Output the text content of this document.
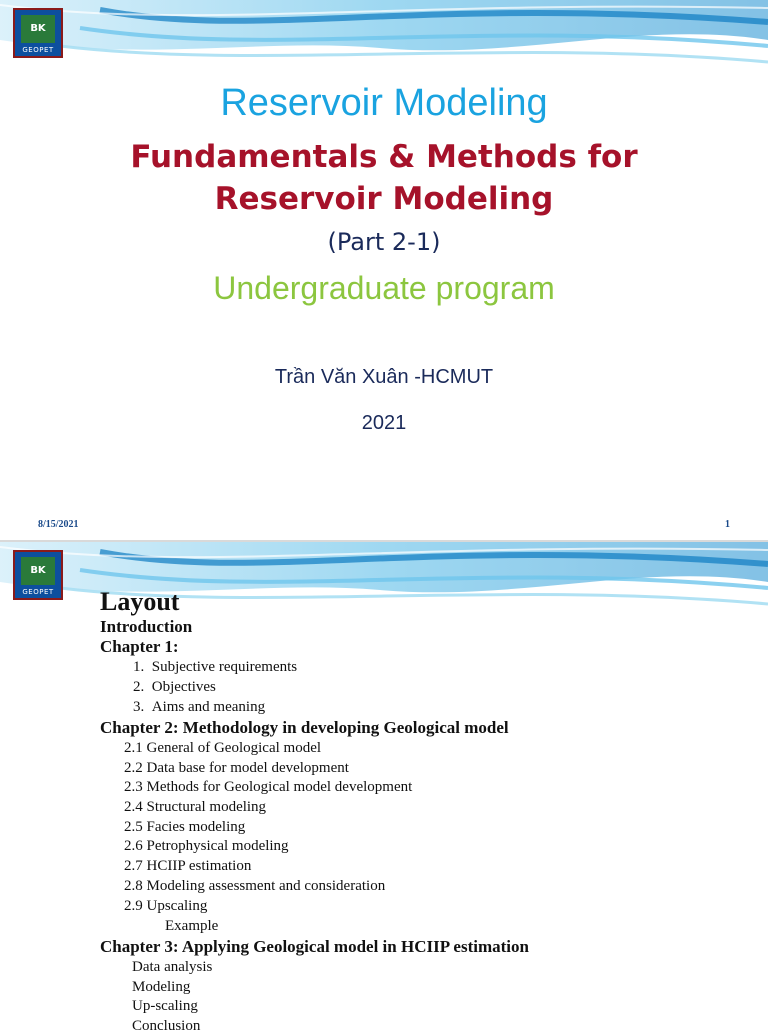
BK
GEOPET
Reservoir Modeling
Fundamentals & Methods for
Reservoir Modeling
(Part 2-1)
Undergraduate program
Trần Văn Xuân -HCMUT
2021
8/15/2021	1
BK
GEOPET Layout
Introduction
Chapter 1:
1. Subjective requirements
2. Objectives
3. Aims and meaning
Chapter 2: Methodology in developing Geological model
2.1 General of Geological model
2.2 Data base for model development
2.3 Methods for Geological model development
2.4 Structural modeling
2.5 Facies modeling
2.6 Petrophysical modeling
2.7 HCIIP estimation
2.8 Modeling assessment and consideration
2.9 Upscaling
Example
Chapter 3: Applying Geological model in HCIIP estimation
Data analysis
Modeling
Up-scaling
Conclusion
